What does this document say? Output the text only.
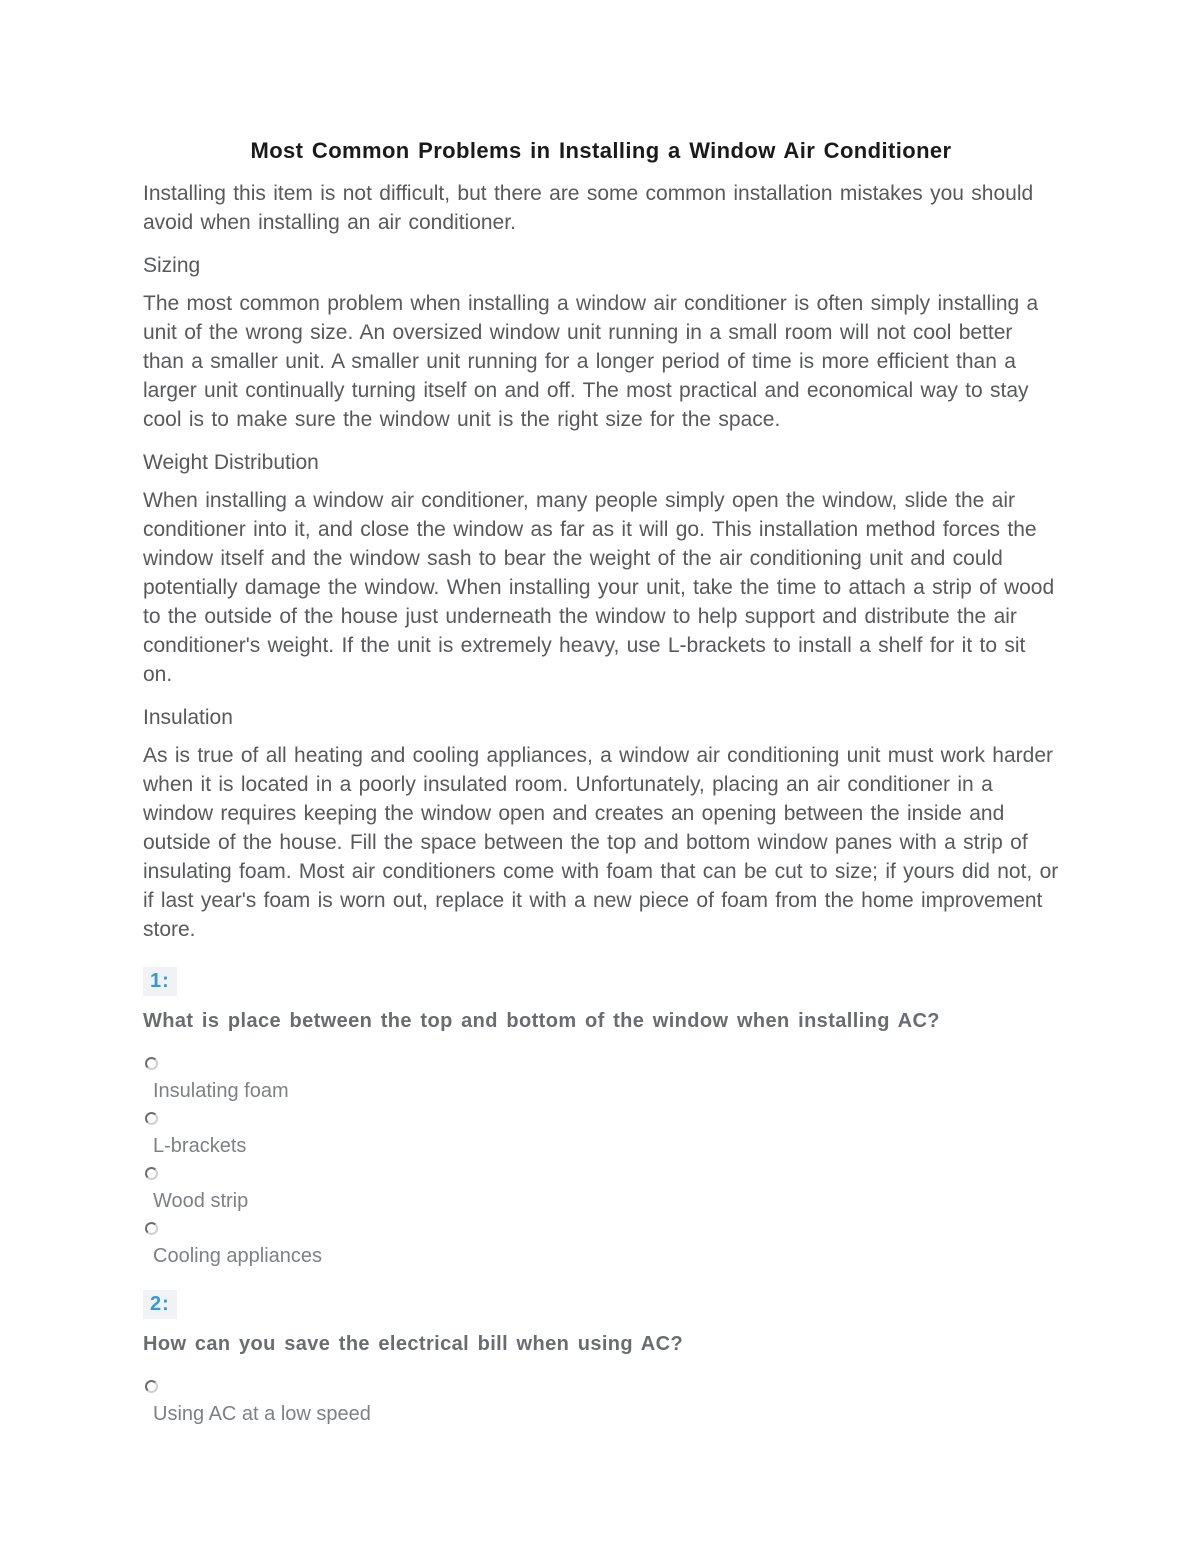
Most Common Problems in Installing a Window Air Conditioner

Installing this item is not difficult, but there are some common installation mistakes you should avoid when installing an air conditioner.

Sizing

The most common problem when installing a window air conditioner is often simply installing a unit of the wrong size. An oversized window unit running in a small room will not cool better than a smaller unit. A smaller unit running for a longer period of time is more efficient than a larger unit continually turning itself on and off. The most practical and economical way to stay cool is to make sure the window unit is the right size for the space.

Weight Distribution

When installing a window air conditioner, many people simply open the window, slide the air conditioner into it, and close the window as far as it will go. This installation method forces the window itself and the window sash to bear the weight of the air conditioning unit and could potentially damage the window. When installing your unit, take the time to attach a strip of wood to the outside of the house just underneath the window to help support and distribute the air conditioner's weight. If the unit is extremely heavy, use L-brackets to install a shelf for it to sit on.

Insulation

As is true of all heating and cooling appliances, a window air conditioning unit must work harder when it is located in a poorly insulated room. Unfortunately, placing an air conditioner in a window requires keeping the window open and creates an opening between the inside and outside of the house. Fill the space between the top and bottom window panes with a strip of insulating foam. Most air conditioners come with foam that can be cut to size; if yours did not, or if last year's foam is worn out, replace it with a new piece of foam from the home improvement store.

1:
What is place between the top and bottom of the window when installing AC?
Insulating foam
L-brackets
Wood strip
Cooling appliances
2:
How can you save the electrical bill when using AC?
Using AC at a low speed
